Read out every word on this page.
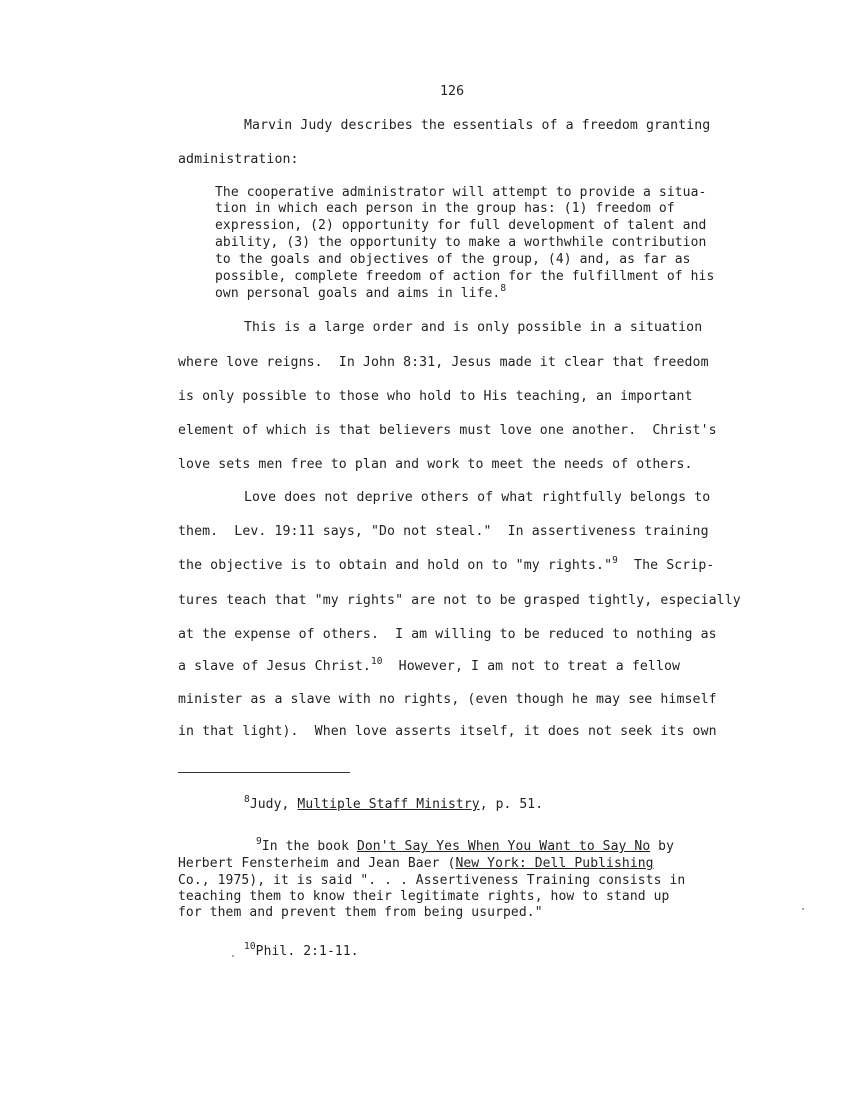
126
Marvin Judy describes the essentials of a freedom granting
administration:
The cooperative administrator will attempt to provide a situa-
tion in which each person in the group has: (1) freedom of
expression, (2) opportunity for full development of talent and
ability, (3) the opportunity to make a worthwhile contribution
to the goals and objectives of the group, (4) and, as far as
possible, complete freedom of action for the fulfillment of his
own personal goals and aims in life.$^8$
This is a large order and is only possible in a situation
where love reigns.  In John 8:31, Jesus made it clear that freedom
is only possible to those who hold to His teaching, an important
element of which is that believers must love one another.  Christ's
love sets men free to plan and work to meet the needs of others.
Love does not deprive others of what rightfully belongs to
them.  Lev. 19:11 says, "Do not steal."  In assertiveness training
the objective is to obtain and hold on to "my rights."$^9$  The Scrip-
tures teach that "my rights" are not to be grasped tightly, especially
at the expense of others.  I am willing to be reduced to nothing as
a slave of Jesus Christ.$^{10}$  However, I am not to treat a fellow
minister as a slave with no rights, (even though he may see himself
in that light).  When love asserts itself, it does not seek its own
$^8$Judy, Multiple Staff Ministry, p. 51.
$^9$In the book Don't Say Yes When You Want to Say No by
Herbert Fensterheim and Jean Baer (New York: Dell Publishing
Co., 1975), it is said ". . . Assertiveness Training consists in
teaching them to know their legitimate rights, how to stand up
for them and prevent them from being usurped."
$^{10}$Phil. 2:1-11.
